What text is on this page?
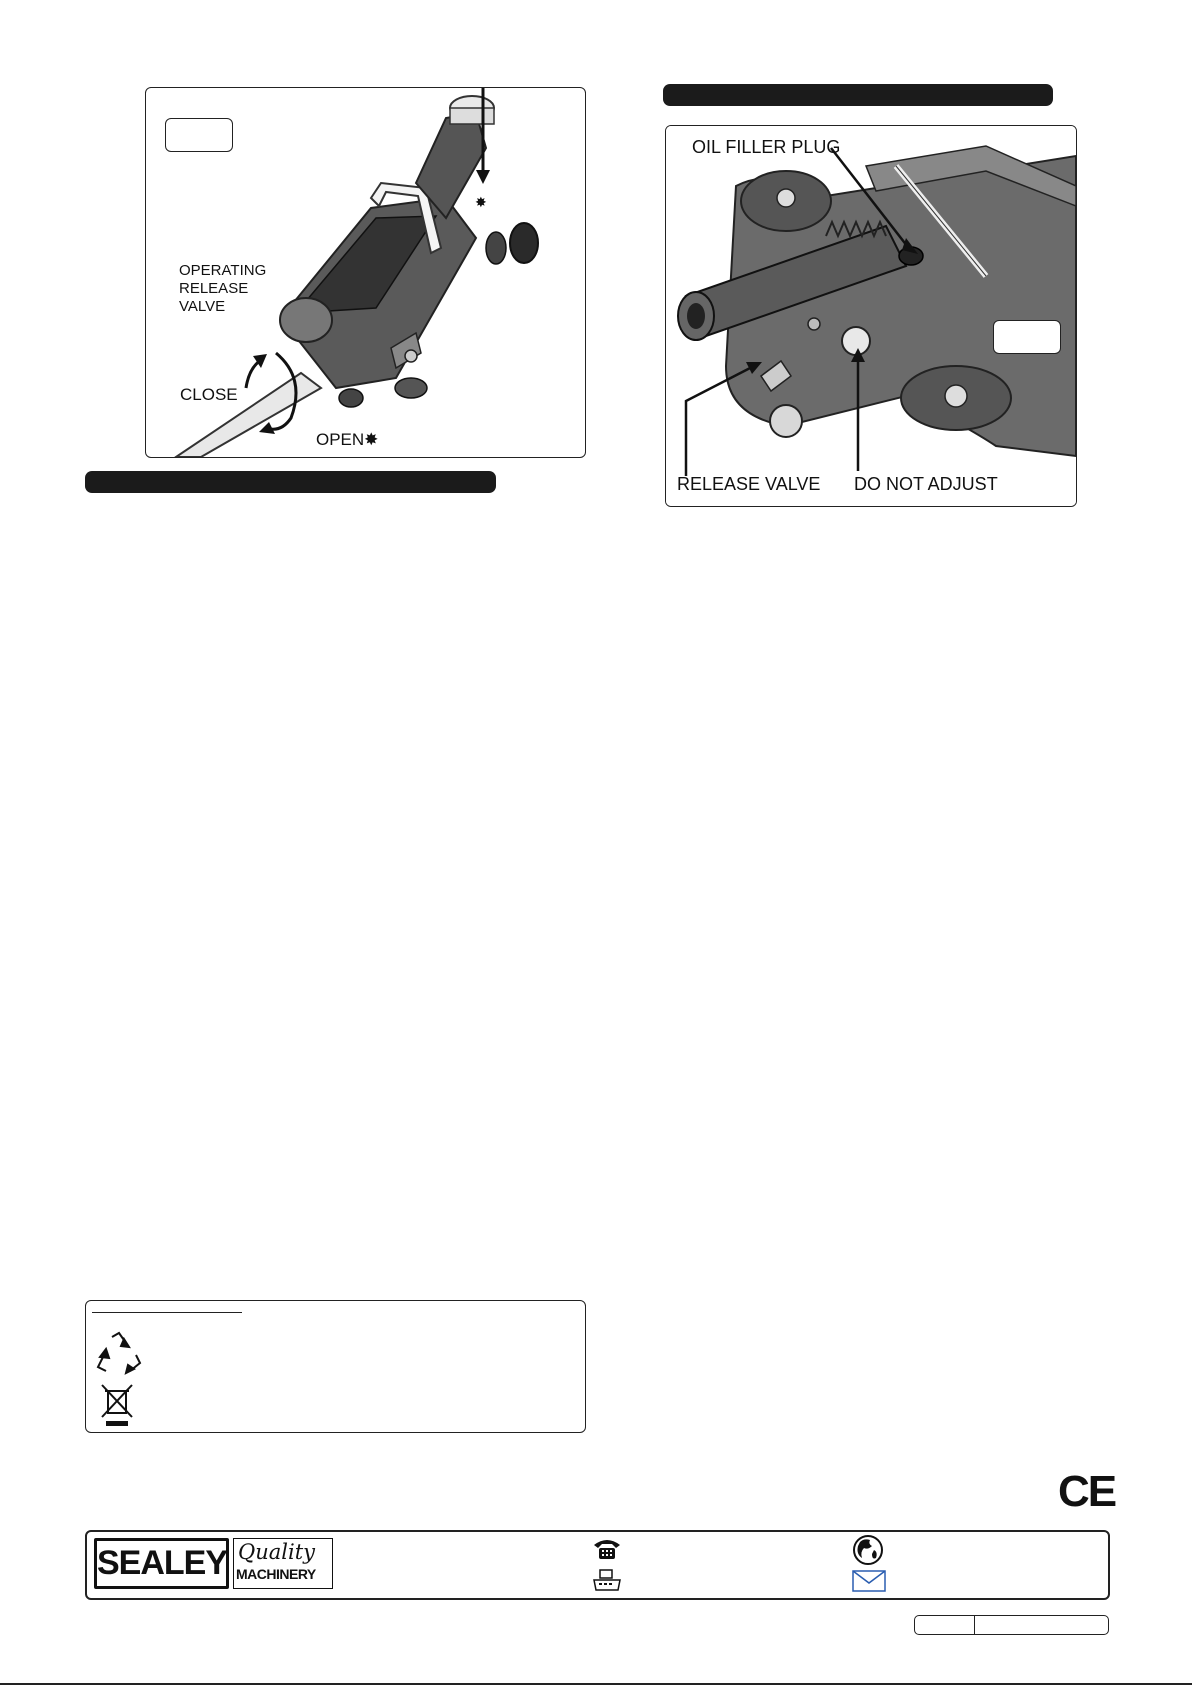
✸
OPERATING
RELEASE
VALVE
CLOSE
OPEN✸
OIL FILLER PLUG
RELEASE VALVE DO NOT ADJUST
CE
SEALEY Quality
MACHINERY
